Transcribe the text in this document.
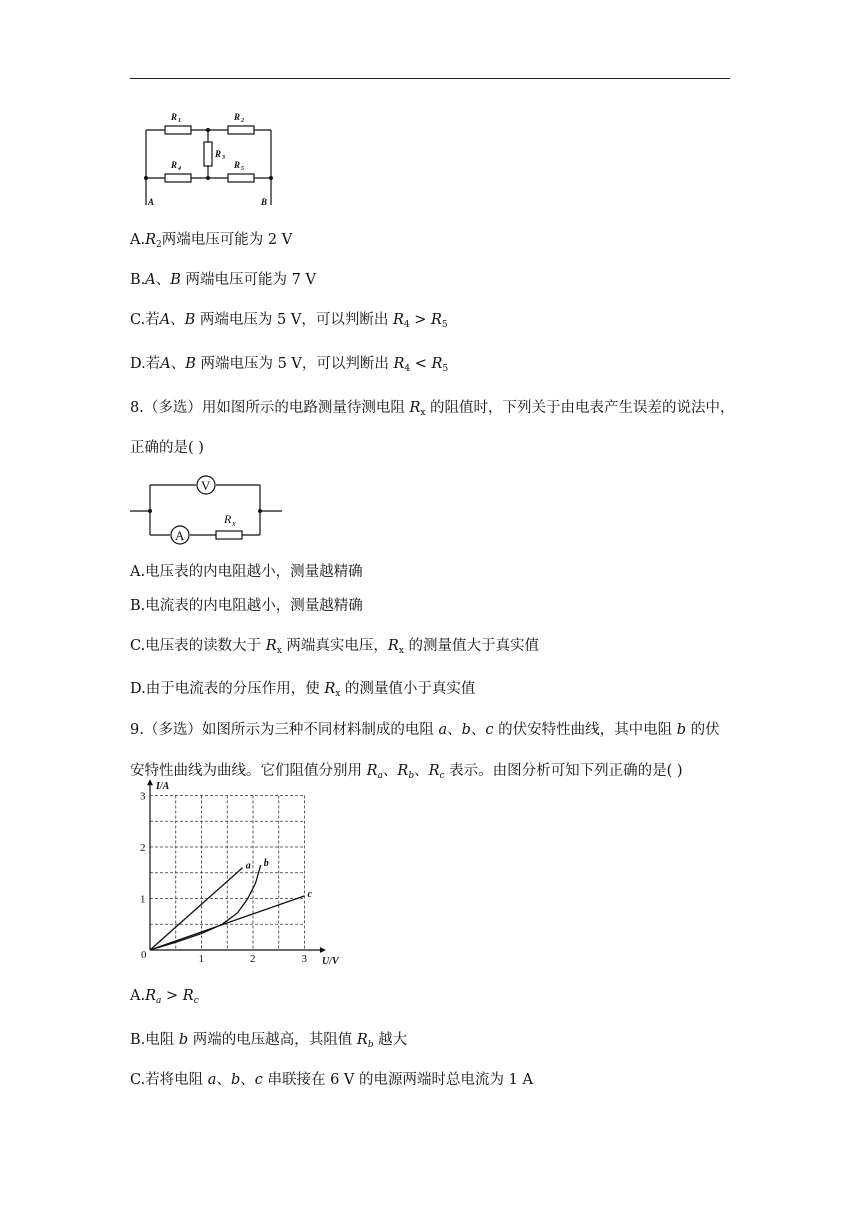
R 1	R 2
R 3
R 4	R 5
A	B
$A.R_2$两端电压可能为 2 V
B.A、B 两端电压可能为 7 V
C.若A、B 两端电压为 5 V，可以判断出 $R_4 > R_5$
D.若A、B 两端电压为 5 V，可以判断出 $R_4 < R_5$
8.（多选）用如图所示的电路测量待测电阻 $R_x$ 的阻值时，下列关于由电表产生误差的说法中，
正确的是( )
V
A
R x
A.电压表的内电阻越小，测量越精确
B.电流表的内电阻越小，测量越精确
C.电压表的读数大于 $R_x$ 两端真实电压，$R_x$ 的测量值大于真实值
D.由于电流表的分压作用，使 $R_x$ 的测量值小于真实值
9.（多选）如图所示为三种不同材料制成的电阻 a、b、c 的伏安特性曲线，其中电阻 b 的伏
安特性曲线为曲线。它们阻值分别用 $R_a$、$R_b$、$R_c$ 表示。由图分析可知下列正确的是( )
1	2	3
1
2
3
0
I/A
U/V
a b
c
$A.R_a > R_c$
B.电阻 b 两端的电压越高，其阻值 $R_b$ 越大
C.若将电阻 a、b、c 串联接在 6 V 的电源两端时总电流为 1 A
